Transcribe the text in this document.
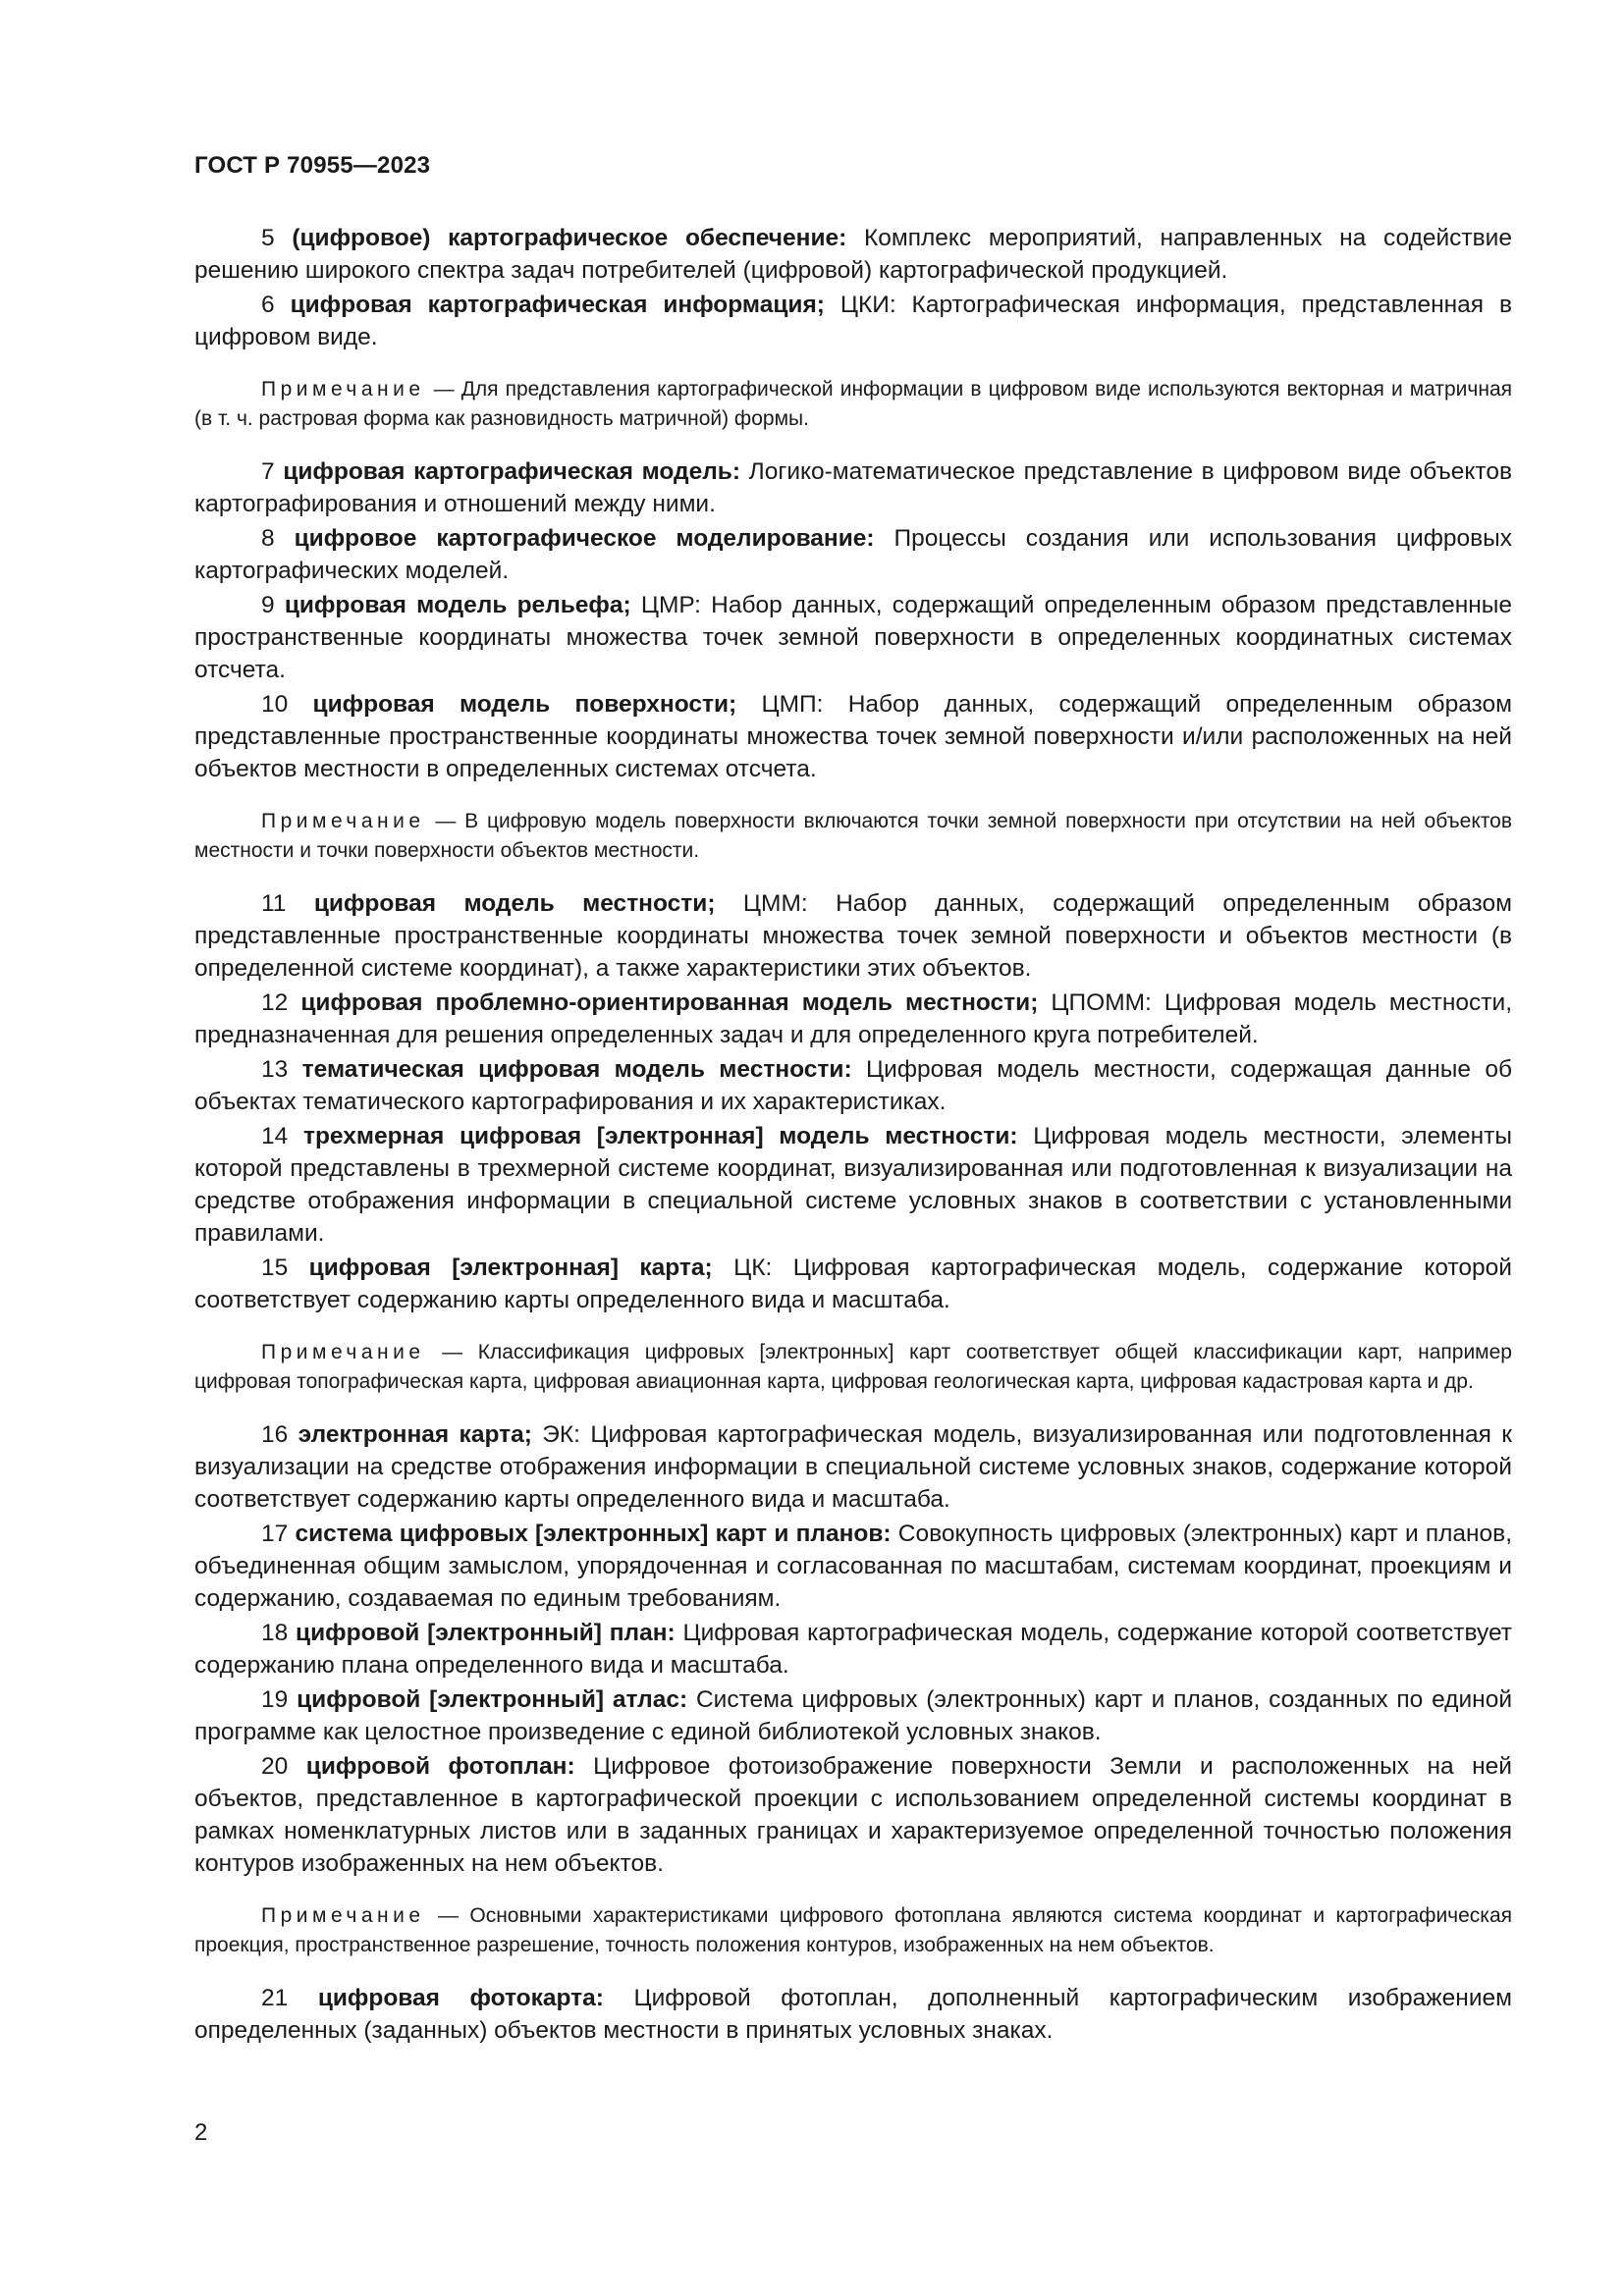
ГОСТ Р 70955—2023

5 (цифровое) картографическое обеспечение: Комплекс мероприятий, направленных на содействие решению широкого спектра задач потребителей (цифровой) картографической продукцией.

6 цифровая картографическая информация; ЦКИ: Картографическая информация, представленная в цифровом виде.

Примечание — Для представления картографической информации в цифровом виде используются векторная и матричная (в т. ч. растровая форма как разновидность матричной) формы.

7 цифровая картографическая модель: Логико-математическое представление в цифровом виде объектов картографирования и отношений между ними.

8 цифровое картографическое моделирование: Процессы создания или использования цифровых картографических моделей.

9 цифровая модель рельефа; ЦМР: Набор данных, содержащий определенным образом представленные пространственные координаты множества точек земной поверхности в определенных координатных системах отсчета.

10 цифровая модель поверхности; ЦМП: Набор данных, содержащий определенным образом представленные пространственные координаты множества точек земной поверхности и/или расположенных на ней объектов местности в определенных системах отсчета.

Примечание — В цифровую модель поверхности включаются точки земной поверхности при отсутствии на ней объектов местности и точки поверхности объектов местности.

11 цифровая модель местности; ЦММ: Набор данных, содержащий определенным образом представленные пространственные координаты множества точек земной поверхности и объектов местности (в определенной системе координат), а также характеристики этих объектов.

12 цифровая проблемно-ориентированная модель местности; ЦПОММ: Цифровая модель местности, предназначенная для решения определенных задач и для определенного круга потребителей.

13 тематическая цифровая модель местности: Цифровая модель местности, содержащая данные об объектах тематического картографирования и их характеристиках.

14 трехмерная цифровая [электронная] модель местности: Цифровая модель местности, элементы которой представлены в трехмерной системе координат, визуализированная или подготовленная к визуализации на средстве отображения информации в специальной системе условных знаков в соответствии с установленными правилами.

15 цифровая [электронная] карта; ЦК: Цифровая картографическая модель, содержание которой соответствует содержанию карты определенного вида и масштаба.

Примечание — Классификация цифровых [электронных] карт соответствует общей классификации карт, например цифровая топографическая карта, цифровая авиационная карта, цифровая геологическая карта, цифровая кадастровая карта и др.

16 электронная карта; ЭК: Цифровая картографическая модель, визуализированная или подготовленная к визуализации на средстве отображения информации в специальной системе условных знаков, содержание которой соответствует содержанию карты определенного вида и масштаба.

17 система цифровых [электронных] карт и планов: Совокупность цифровых (электронных) карт и планов, объединенная общим замыслом, упорядоченная и согласованная по масштабам, системам координат, проекциям и содержанию, создаваемая по единым требованиям.

18 цифровой [электронный] план: Цифровая картографическая модель, содержание которой соответствует содержанию плана определенного вида и масштаба.

19 цифровой [электронный] атлас: Система цифровых (электронных) карт и планов, созданных по единой программе как целостное произведение с единой библиотекой условных знаков.

20 цифровой фотоплан: Цифровое фотоизображение поверхности Земли и расположенных на ней объектов, представленное в картографической проекции с использованием определенной системы координат в рамках номенклатурных листов или в заданных границах и характеризуемое определенной точностью положения контуров изображенных на нем объектов.

Примечание — Основными характеристиками цифрового фотоплана являются система координат и картографическая проекция, пространственное разрешение, точность положения контуров, изображенных на нем объектов.

21 цифровая фотокарта: Цифровой фотоплан, дополненный картографическим изображением определенных (заданных) объектов местности в принятых условных знаках.

2
